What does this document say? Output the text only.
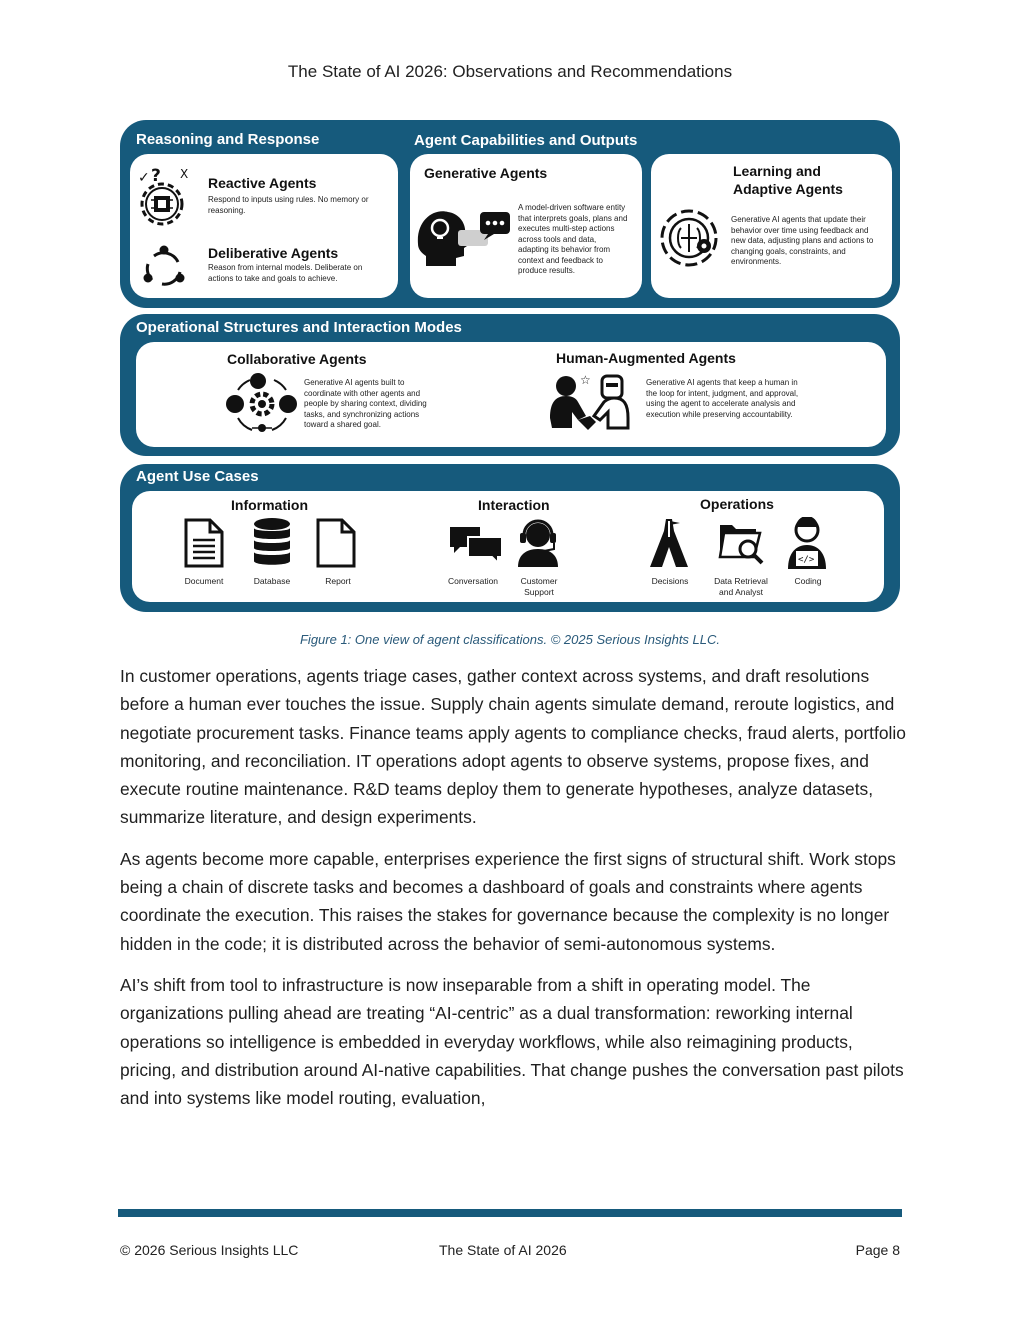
The State of AI 2026: Observations and Recommendations
Reasoning and Response	Agent Capabilities and Outputs
✓ ? X
Reactive Agents
Respond to inputs using rules. No memory or reasoning.
Deliberative Agents
Reason from internal models. Deliberate on actions to take and goals to achieve.
Generative Agents
A model-driven software entity that interprets goals, plans and executes multi-step actions across tools and data, adapting its behavior from context and feedback to produce results.
Learning and Adaptive Agents
Generative AI agents that update their behavior over time using feedback and new data, adjusting plans and actions to changing goals, constraints, and environments.
Operational Structures and Interaction Modes
Collaborative Agents
Generative AI agents built to coordinate with other agents and people by sharing context, dividing tasks, and synchronizing actions toward a shared goal.
Human-Augmented Agents
☆	Generative AI agents that keep a human in the loop for intent, judgment, and approval, using the agent to accelerate analysis and execution while preserving accountability.
Agent Use Cases
Information	Interaction	Operations
Document	Database	Report	Conversation	Customer Support
</>
Decisions	Data Retrieval and Analyst
Coding
Figure 1: One view of agent classifications. © 2025 Serious Insights LLC.

In customer operations, agents triage cases, gather context across systems, and draft resolutions before a human ever touches the issue. Supply chain agents simulate demand, reroute logistics, and negotiate procurement tasks. Finance teams apply agents to compliance checks, fraud alerts, portfolio monitoring, and reconciliation. IT operations adopt agents to observe systems, propose fixes, and execute routine maintenance. R&D teams deploy them to generate hypotheses, analyze datasets, summarize literature, and design experiments.

As agents become more capable, enterprises experience the first signs of structural shift. Work stops being a chain of discrete tasks and becomes a dashboard of goals and constraints where agents coordinate the execution. This raises the stakes for governance because the complexity is no longer hidden in the code; it is distributed across the behavior of semi-autonomous systems.

AI’s shift from tool to infrastructure is now inseparable from a shift in operating model. The organizations pulling ahead are treating “AI-centric” as a dual transformation: reworking internal operations so intelligence is embedded in everyday workflows, while also reimagining products, pricing, and distribution around AI-native capabilities. That change pushes the conversation past pilots and into systems like model routing, evaluation,

© 2026 Serious Insights LLC	The State of AI 2026	Page 8
